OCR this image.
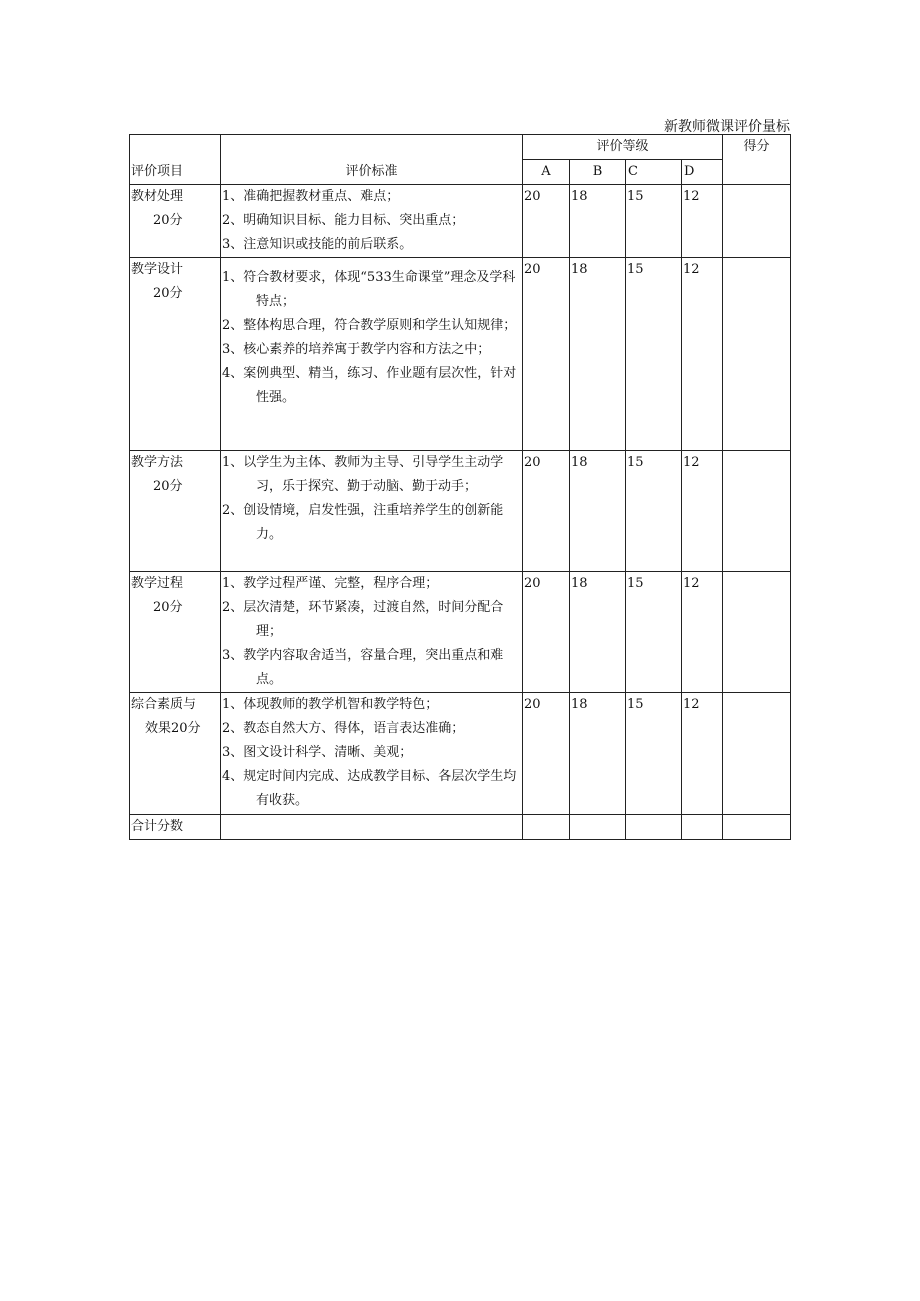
新教师微课评价量标
评价项目	评价标准	评价等级				得分
		A	B	C	D	

教材处理
20分	1、准确把握教材重点、难点；
2、明确知识目标、能力目标、突出重点；
3、注意知识或技能的前后联系。	20	18	15	12	

教学设计
20分	1、符合教材要求，体现“533生命课堂”理念及学科特点；
2、整体构思合理，符合教学原则和学生认知规律；
3、核心素养的培养寓于教学内容和方法之中；
4、案例典型、精当，练习、作业题有层次性，针对性强。	20	18	15	12	

教学方法
20分	1、以学生为主体、教师为主导、引导学生主动学习，乐于探究、勤于动脑、勤于动手；
2、创设情境，启发性强，注重培养学生的创新能力。	20	18	15	12	

教学过程
20分	1、教学过程严谨、完整，程序合理；
2、层次清楚，环节紧凑，过渡自然，时间分配合理；
3、教学内容取舍适当，容量合理，突出重点和难点。	20	18	15	12	

综合素质与
效果20分	1、体现教师的教学机智和教学特色；
2、教态自然大方、得体，语言表达准确；
3、图文设计科学、清晰、美观；
4、规定时间内完成、达成教学目标、各层次学生均有收获。	20	18	15	12	
合计分数						
